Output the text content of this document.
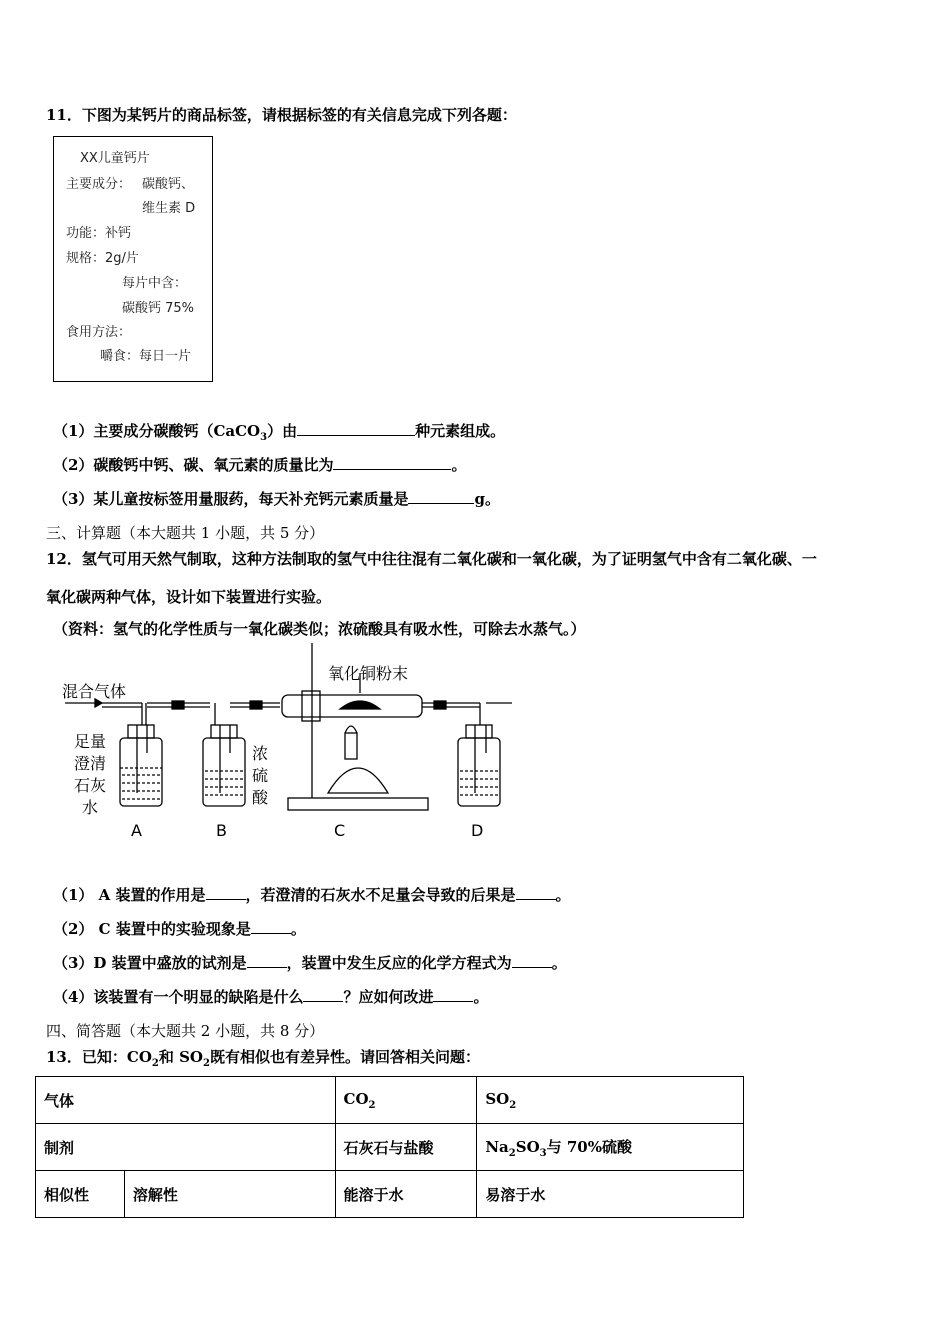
11．下图为某钙片的商品标签，请根据标签的有关信息完成下列各题：
XX儿童钙片
主要成分： 碳酸钙、
维生素 D
功能：补钙
规格：2g/片
每片中含：
碳酸钙 75%
食用方法：
嚼食：每日一片
（1）主要成分碳酸钙（CaCO$_3$）由	种元素组成。
（2）碳酸钙中钙、碳、氧元素的质量比为	。
（3）某儿童按标签用量服药，每天补充钙元素质量是	g。
三、计算题（本大题共 1 小题，共 5 分）
12．氢气可用天然气制取，这种方法制取的氢气中往往混有二氧化碳和一氧化碳，为了证明氢气中含有二氧化碳、一
氧化碳两种气体，设计如下装置进行实验。
（资料：氢气的化学性质与一氧化碳类似；浓硫酸具有吸水性，可除去水蒸气。）
混合气体
氧化铜粉末
足量
澄清
石灰
水
浓
硫
酸
A	B	C	D
（1） A 装置的作用是	，若澄清的石灰水不足量会导致的后果是	。
（2） C 装置中的实验现象是	。
（3）D 装置中盛放的试剂是	，装置中发生反应的化学方程式为	。
（4）该装置有一个明显的缺陷是什么	？应如何改进	。
四、简答题（本大题共 2 小题，共 8 分）
13．已知：$CO_2$和 $SO_2$既有相似也有差异性。请回答相关问题：
气体		$CO_2$	$SO_2$
制剂		石灰石与盐酸	$Na_2SO_3$与 70%硫酸
相似性	溶解性	能溶于水	易溶于水
